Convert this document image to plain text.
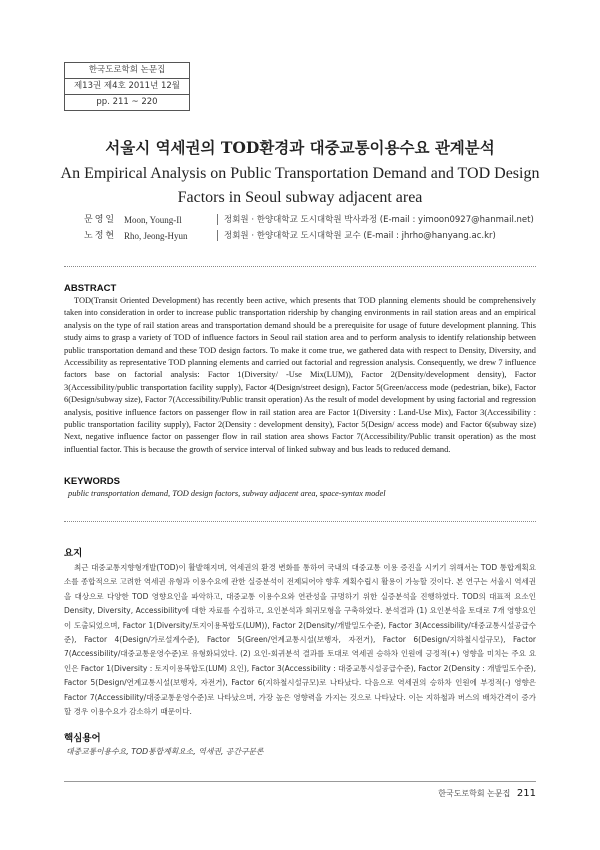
한국도로학회 논문집
제13권 제4호 2011년 12월
pp. 211 ~ 220
서울시 역세권의 TOD환경과 대중교통이용수요 관계분석
An Empirical Analysis on Public Transportation Demand and TOD Design Factors in Seoul subway adjacent area
문영일 Moon, Young-Il	정회원 · 한양대학교 도시대학원 박사과정 (E-mail : yimoon0927@hanmail.net)
노정현 Rho, Jeong-Hyun	정회원 · 한양대학교 도시대학원 교수 (E-mail : jhrho@hanyang.ac.kr)
ABSTRACT
TOD(Transit Oriented Development) has recently been active, which presents that TOD planning elements should be comprehensively taken into consideration in order to increase public transportation ridership by changing environments in rail station areas and an empirical analysis on the type of rail station areas and transportation demand should be a prerequisite for usage of future development planning. This study aims to grasp a variety of TOD of influence factors in Seoul rail station area and to perform analysis to identify relationship between public transportation demand and these TOD design factors. To make it come true, we gathered data with respect to Density, Diversity, and Accessibility as representative TOD planning elements and carried out factorial and regression analysis. Consequently, we drew 7 influence factors base on factorial analysis: Factor 1(Diversity/ -Use Mix(LUM)), Factor 2(Density/development density), Factor 3(Accessibility/public transportation facility supply), Factor 4(Design/street design), Factor 5(Green/access mode (pedestrian, bike), Factor 6(Design/subway size), Factor 7(Accessibility/Public transit operation) As the result of model development by using factorial and regression analysis, positive influence factors on passenger flow in rail station area are Factor 1(Diversity : Land-Use Mix), Factor 3(Accessibility : public transportation facility supply), Factor 2(Density : development density), Factor 5(Design/ access mode) and Factor 6(subway size) Next, negative influence factor on passenger flow in rail station area shows Factor 7(Accessibility/Public transit operation) as the most influential factor. This is because the growth of service interval of linked subway and bus leads to reduced demand.
KEYWORDS
public transportation demand, TOD design factors, subway adjacent area, space-syntax model
요지
최근 대중교통지향형개발(TOD)이 활발해지며, 역세권의 환경 변화를 통하여 국내의 대중교통 이용 증진을 시키기 위해서는 TOD 통합계획요소를 종합적으로 고려한 역세권 유형과 이용수요에 관한 실증분석이 전제되어야 향후 계획수립시 활용이 가능할 것이다. 본 연구는 서울시 역세권을 대상으로 다양한 TOD 영향요인을 파악하고, 대중교통 이용수요와 연관성을 규명하기 위한 실증분석을 진행하였다. TOD의 대표적 요소인 Density, Diversity, Accessibility에 대한 자료를 수집하고, 요인분석과 회귀모형을 구축하였다. 분석결과 (1) 요인분석을 토대로 7개 영향요인이 도출되었으며, Factor 1(Diversity/토지이용복합도(LUM)), Factor 2(Density/개발밀도수준), Factor 3(Accessibility/대중교통시설공급수준), Factor 4(Design/가로설계수준), Factor 5(Green/연계교통시설(보행자, 자전거), Factor 6(Design/지하철시설규모), Factor 7(Accessibility/대중교통운영수준)로 유형화되었다. (2) 요인-회귀분석 결과를 토대로 역세권 승하차 인원에 긍정적(+) 영향을 미치는 주요 요인은 Factor 1(Diversity : 토지이용복합도(LUM) 요인), Factor 3(Accessibility : 대중교통시설공급수준), Factor 2(Density : 개발밀도수준), Factor 5(Design/연계교통시설(보행자, 자전거), Factor 6(지하철시설규모)로 나타났다. 다음으로 역세권의 승하차 인원에 부정적(-) 영향은 Factor 7(Accessibility/대중교통운영수준)로 나타났으며, 가장 높은 영향력을 가지는 것으로 나타났다. 이는 지하철과 버스의 배차간격이 증가할 경우 이용수요가 감소하기 때문이다.
핵심용어
대중교통이용수요, TOD통합계획요소, 역세권, 공간구문론
한국도로학회 논문집 211
